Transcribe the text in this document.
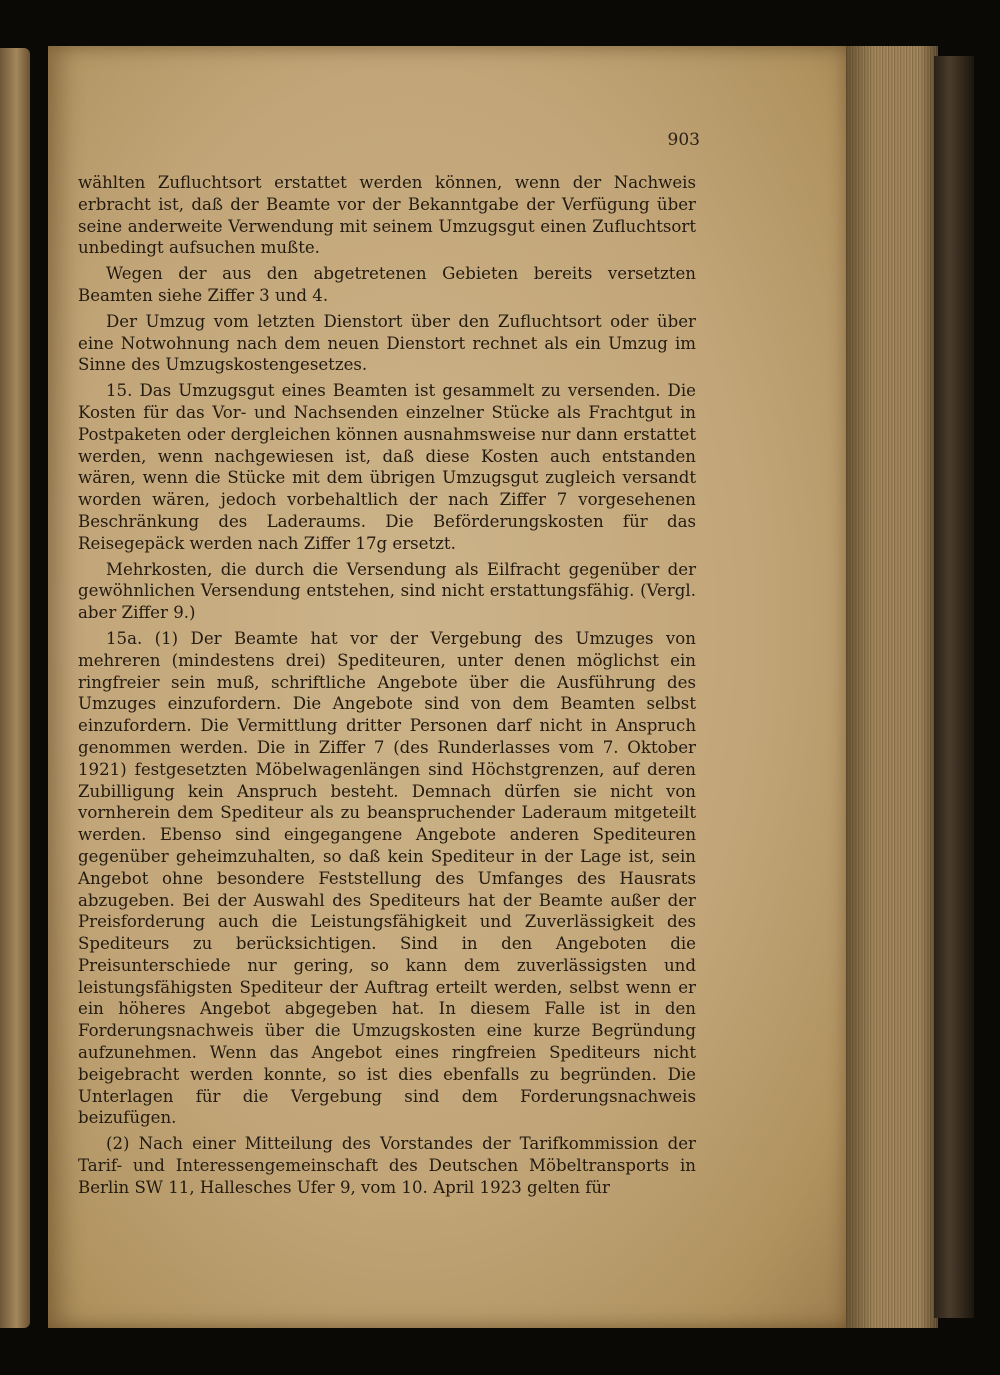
903

wählten Zufluchtsort erstattet werden können, wenn der Nachweis erbracht ist, daß der Beamte vor der Bekanntgabe der Verfügung über seine anderweite Verwendung mit seinem Umzugsgut einen Zufluchtsort unbedingt aufsuchen mußte.

Wegen der aus den abgetretenen Gebieten bereits versetzten Beamten siehe Ziffer 3 und 4.

Der Umzug vom letzten Dienstort über den Zufluchtsort oder über eine Notwohnung nach dem neuen Dienstort rechnet als ein Umzug im Sinne des Umzugskostengesetzes.

15. Das Umzugsgut eines Beamten ist gesammelt zu versenden. Die Kosten für das Vor- und Nachsenden einzelner Stücke als Frachtgut in Postpaketen oder dergleichen können ausnahmsweise nur dann erstattet werden, wenn nachgewiesen ist, daß diese Kosten auch entstanden wären, wenn die Stücke mit dem übrigen Umzugsgut zugleich versandt worden wären, jedoch vorbehaltlich der nach Ziffer 7 vorgesehenen Beschränkung des Laderaums. Die Beförderungskosten für das Reisegepäck werden nach Ziffer 17g ersetzt.

Mehrkosten, die durch die Versendung als Eilfracht gegenüber der gewöhnlichen Versendung entstehen, sind nicht erstattungsfähig. (Vergl. aber Ziffer 9.)

15a. (1) Der Beamte hat vor der Vergebung des Umzuges von mehreren (mindestens drei) Spediteuren, unter denen möglichst ein ringfreier sein muß, schriftliche Angebote über die Ausführung des Umzuges einzufordern. Die Angebote sind von dem Beamten selbst einzufordern. Die Vermittlung dritter Personen darf nicht in Anspruch genommen werden. Die in Ziffer 7 (des Runderlasses vom 7. Oktober 1921) festgesetzten Möbelwagenlängen sind Höchstgrenzen, auf deren Zubilligung kein Anspruch besteht. Demnach dürfen sie nicht von vornherein dem Spediteur als zu beanspruchender Laderaum mitgeteilt werden. Ebenso sind eingegangene Angebote anderen Spediteuren gegenüber geheimzuhalten, so daß kein Spediteur in der Lage ist, sein Angebot ohne besondere Feststellung des Umfanges des Hausrats abzugeben. Bei der Auswahl des Spediteurs hat der Beamte außer der Preisforderung auch die Leistungsfähigkeit und Zuverlässigkeit des Spediteurs zu berücksichtigen. Sind in den Angeboten die Preisunterschiede nur gering, so kann dem zuverlässigsten und leistungsfähigsten Spediteur der Auftrag erteilt werden, selbst wenn er ein höheres Angebot abgegeben hat. In diesem Falle ist in den Forderungsnachweis über die Umzugskosten eine kurze Begründung aufzunehmen. Wenn das Angebot eines ringfreien Spediteurs nicht beigebracht werden konnte, so ist dies ebenfalls zu begründen. Die Unterlagen für die Vergebung sind dem Forderungsnachweis beizufügen.

(2) Nach einer Mitteilung des Vorstandes der Tarifkommission der Tarif- und Interessengemeinschaft des Deutschen Möbeltransports in Berlin SW 11, Hallesches Ufer 9, vom 10. April 1923 gelten für
